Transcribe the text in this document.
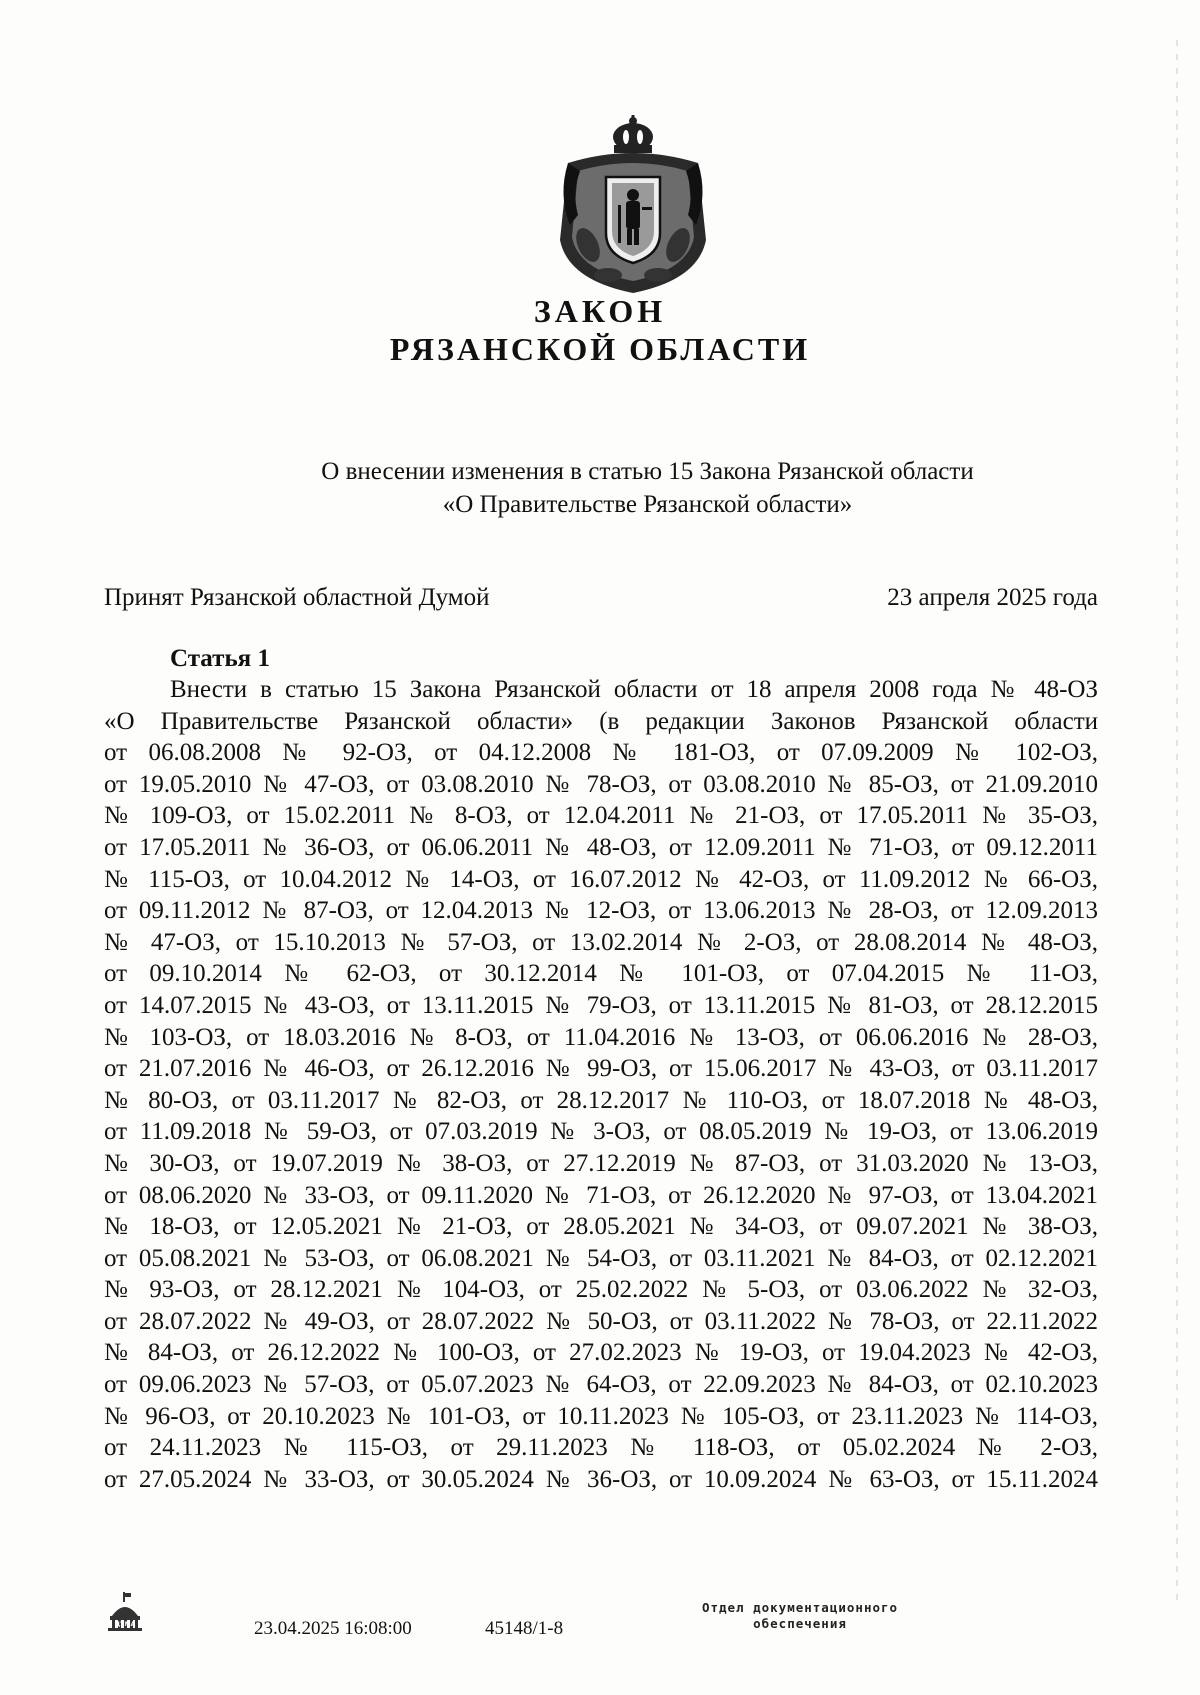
ЗАКОН
РЯЗАНСКОЙ ОБЛАСТИ
О внесении изменения в статью 15 Закона Рязанской области
«О Правительстве Рязанской области»
Принят Рязанской областной Думой	23 апреля 2025 года
Статья 1
Внести в статью 15 Закона Рязанской области от 18 апреля 2008 года № 48-ОЗ
«О Правительстве Рязанской области» (в редакции Законов Рязанской области
от 06.08.2008 № 92-ОЗ, от 04.12.2008 № 181-ОЗ, от 07.09.2009 № 102-ОЗ,
от 19.05.2010 № 47-ОЗ, от 03.08.2010 № 78-ОЗ, от 03.08.2010 № 85-ОЗ, от 21.09.2010
№ 109-ОЗ, от 15.02.2011 № 8-ОЗ, от 12.04.2011 № 21-ОЗ, от 17.05.2011 № 35-ОЗ,
от 17.05.2011 № 36-ОЗ, от 06.06.2011 № 48-ОЗ, от 12.09.2011 № 71-ОЗ, от 09.12.2011
№ 115-ОЗ, от 10.04.2012 № 14-ОЗ, от 16.07.2012 № 42-ОЗ, от 11.09.2012 № 66-ОЗ,
от 09.11.2012 № 87-ОЗ, от 12.04.2013 № 12-ОЗ, от 13.06.2013 № 28-ОЗ, от 12.09.2013
№ 47-ОЗ, от 15.10.2013 № 57-ОЗ, от 13.02.2014 № 2-ОЗ, от 28.08.2014 № 48-ОЗ,
от 09.10.2014 № 62-ОЗ, от 30.12.2014 № 101-ОЗ, от 07.04.2015 № 11-ОЗ,
от 14.07.2015 № 43-ОЗ, от 13.11.2015 № 79-ОЗ, от 13.11.2015 № 81-ОЗ, от 28.12.2015
№ 103-ОЗ, от 18.03.2016 № 8-ОЗ, от 11.04.2016 № 13-ОЗ, от 06.06.2016 № 28-ОЗ,
от 21.07.2016 № 46-ОЗ, от 26.12.2016 № 99-ОЗ, от 15.06.2017 № 43-ОЗ, от 03.11.2017
№ 80-ОЗ, от 03.11.2017 № 82-ОЗ, от 28.12.2017 № 110-ОЗ, от 18.07.2018 № 48-ОЗ,
от 11.09.2018 № 59-ОЗ, от 07.03.2019 № 3-ОЗ, от 08.05.2019 № 19-ОЗ, от 13.06.2019
№ 30-ОЗ, от 19.07.2019 № 38-ОЗ, от 27.12.2019 № 87-ОЗ, от 31.03.2020 № 13-ОЗ,
от 08.06.2020 № 33-ОЗ, от 09.11.2020 № 71-ОЗ, от 26.12.2020 № 97-ОЗ, от 13.04.2021
№ 18-ОЗ, от 12.05.2021 № 21-ОЗ, от 28.05.2021 № 34-ОЗ, от 09.07.2021 № 38-ОЗ,
от 05.08.2021 № 53-ОЗ, от 06.08.2021 № 54-ОЗ, от 03.11.2021 № 84-ОЗ, от 02.12.2021
№ 93-ОЗ, от 28.12.2021 № 104-ОЗ, от 25.02.2022 № 5-ОЗ, от 03.06.2022 № 32-ОЗ,
от 28.07.2022 № 49-ОЗ, от 28.07.2022 № 50-ОЗ, от 03.11.2022 № 78-ОЗ, от 22.11.2022
№ 84-ОЗ, от 26.12.2022 № 100-ОЗ, от 27.02.2023 № 19-ОЗ, от 19.04.2023 № 42-ОЗ,
от 09.06.2023 № 57-ОЗ, от 05.07.2023 № 64-ОЗ, от 22.09.2023 № 84-ОЗ, от 02.10.2023
№ 96-ОЗ, от 20.10.2023 № 101-ОЗ, от 10.11.2023 № 105-ОЗ, от 23.11.2023 № 114-ОЗ,
от 24.11.2023 № 115-ОЗ, от 29.11.2023 № 118-ОЗ, от 05.02.2024 № 2-ОЗ,
от 27.05.2024 № 33-ОЗ, от 30.05.2024 № 36-ОЗ, от 10.09.2024 № 63-ОЗ, от 15.11.2024
ДУМА	23.04.2025 16:08:00	45148/1-8
Отдел документационного
обеспечения
